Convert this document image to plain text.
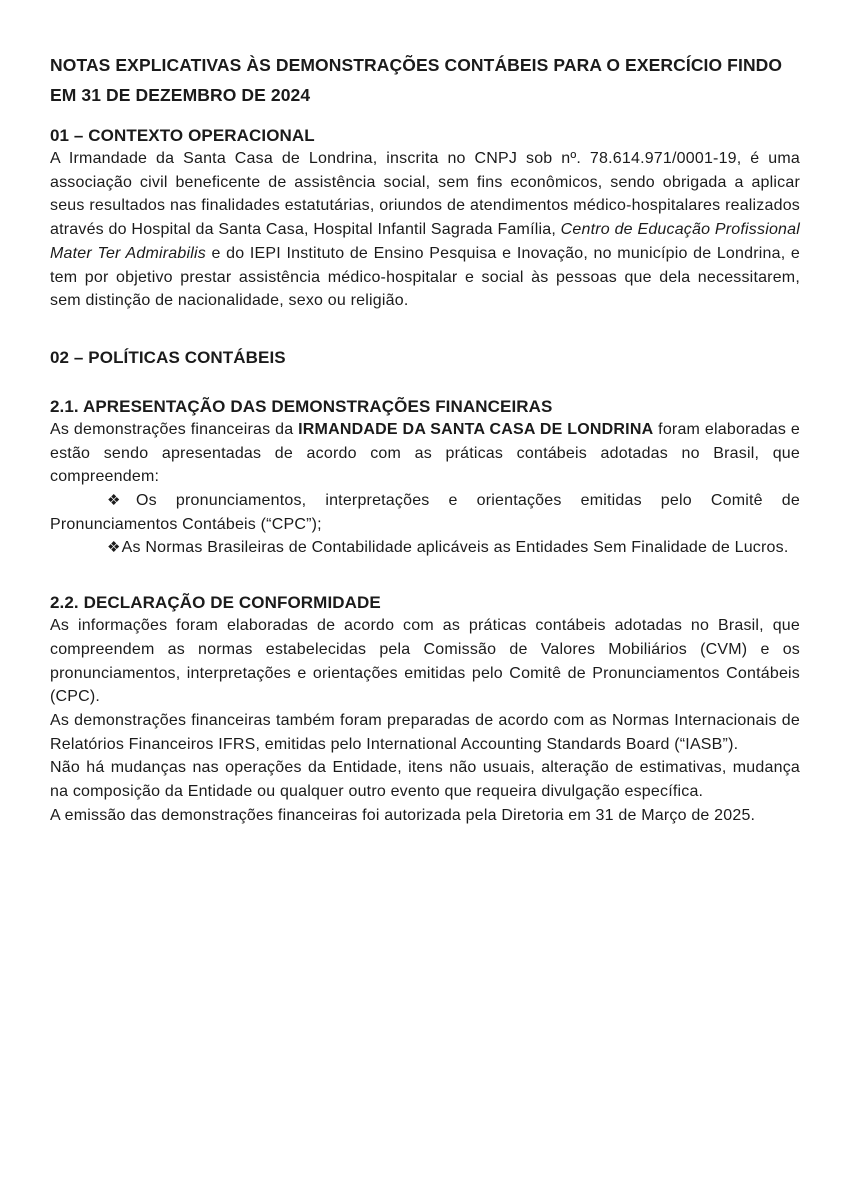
NOTAS EXPLICATIVAS ÀS DEMONSTRAÇÕES CONTÁBEIS PARA O EXERCÍCIO FINDO EM 31 DE DEZEMBRO DE 2024
01 – CONTEXTO OPERACIONAL

A Irmandade da Santa Casa de Londrina, inscrita no CNPJ sob nº. 78.614.971/0001-19, é uma associação civil beneficente de assistência social, sem fins econômicos, sendo obrigada a aplicar seus resultados nas finalidades estatutárias, oriundos de atendimentos médico-hospitalares realizados através do Hospital da Santa Casa, Hospital Infantil Sagrada Família, Centro de Educação Profissional Mater Ter Admirabilis e do IEPI Instituto de Ensino Pesquisa e Inovação, no município de Londrina, e tem por objetivo prestar assistência médico-hospitalar e social às pessoas que dela necessitarem, sem distinção de nacionalidade, sexo ou religião.

02 – POLÍTICAS CONTÁBEIS
2.1. APRESENTAÇÃO DAS DEMONSTRAÇÕES FINANCEIRAS

As demonstrações financeiras da IRMANDADE DA SANTA CASA DE LONDRINA foram elaboradas e estão sendo apresentadas de acordo com as práticas contábeis adotadas no Brasil, que compreendem:

❖Os pronunciamentos, interpretações e orientações emitidas pelo Comitê de Pronunciamentos Contábeis (“CPC”);

❖As Normas Brasileiras de Contabilidade aplicáveis as Entidades Sem Finalidade de Lucros.

2.2. DECLARAÇÃO DE CONFORMIDADE

As informações foram elaboradas de acordo com as práticas contábeis adotadas no Brasil, que compreendem as normas estabelecidas pela Comissão de Valores Mobiliários (CVM) e os pronunciamentos, interpretações e orientações emitidas pelo Comitê de Pronunciamentos Contábeis (CPC).

As demonstrações financeiras também foram preparadas de acordo com as Normas Internacionais de Relatórios Financeiros IFRS, emitidas pelo International Accounting Standards Board (“IASB”).

Não há mudanças nas operações da Entidade, itens não usuais, alteração de estimativas, mudança na composição da Entidade ou qualquer outro evento que requeira divulgação específica.

A emissão das demonstrações financeiras foi autorizada pela Diretoria em 31 de Março de 2025.
